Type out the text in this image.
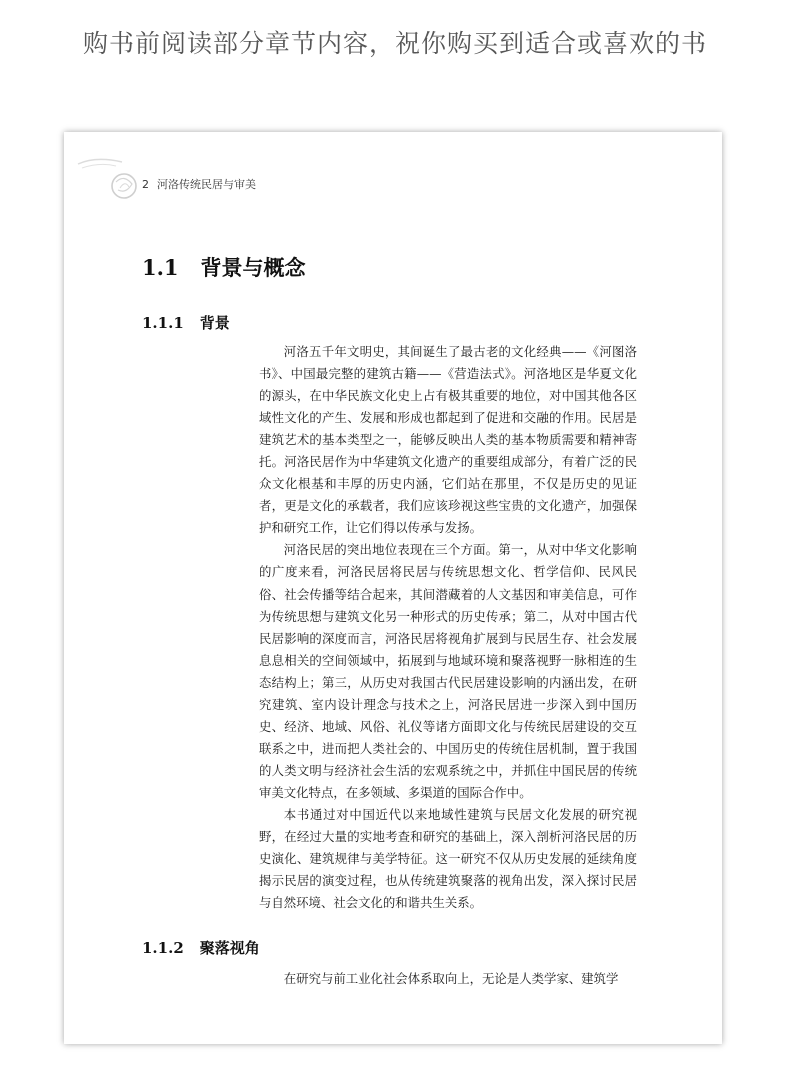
购书前阅读部分章节内容，祝你购买到适合或喜欢的书
2 河洛传统民居与审美
1.1 背景与概念
1.1.1 背景

河洛五千年文明史，其间诞生了最古老的文化经典——《河图洛书》、中国最完整的建筑古籍——《营造法式》。河洛地区是华夏文化的源头，在中华民族文化史上占有极其重要的地位，对中国其他各区域性文化的产生、发展和形成也都起到了促进和交融的作用。民居是建筑艺术的基本类型之一，能够反映出人类的基本物质需要和精神寄托。河洛民居作为中华建筑文化遗产的重要组成部分，有着广泛的民众文化根基和丰厚的历史内涵，它们站在那里，不仅是历史的见证者，更是文化的承载者，我们应该珍视这些宝贵的文化遗产，加强保护和研究工作，让它们得以传承与发扬。

河洛民居的突出地位表现在三个方面。第一，从对中华文化影响的广度来看，河洛民居将民居与传统思想文化、哲学信仰、民风民俗、社会传播等结合起来，其间潜藏着的人文基因和审美信息，可作为传统思想与建筑文化另一种形式的历史传承；第二，从对中国古代民居影响的深度而言，河洛民居将视角扩展到与民居生存、社会发展息息相关的空间领域中，拓展到与地域环境和聚落视野一脉相连的生态结构上；第三，从历史对我国古代民居建设影响的内涵出发，在研究建筑、室内设计理念与技术之上，河洛民居进一步深入到中国历史、经济、地域、风俗、礼仪等诸方面即文化与传统民居建设的交互联系之中，进而把人类社会的、中国历史的传统住居机制，置于我国的人类文明与经济社会生活的宏观系统之中，并抓住中国民居的传统审美文化特点，在多领域、多渠道的国际合作中。

本书通过对中国近代以来地域性建筑与民居文化发展的研究视野，在经过大量的实地考查和研究的基础上，深入剖析河洛民居的历史演化、建筑规律与美学特征。这一研究不仅从历史发展的延续角度揭示民居的演变过程，也从传统建筑聚落的视角出发，深入探讨民居与自然环境、社会文化的和谐共生关系。

1.1.2 聚落视角

在研究与前工业化社会体系取向上，无论是人类学家、建筑学
